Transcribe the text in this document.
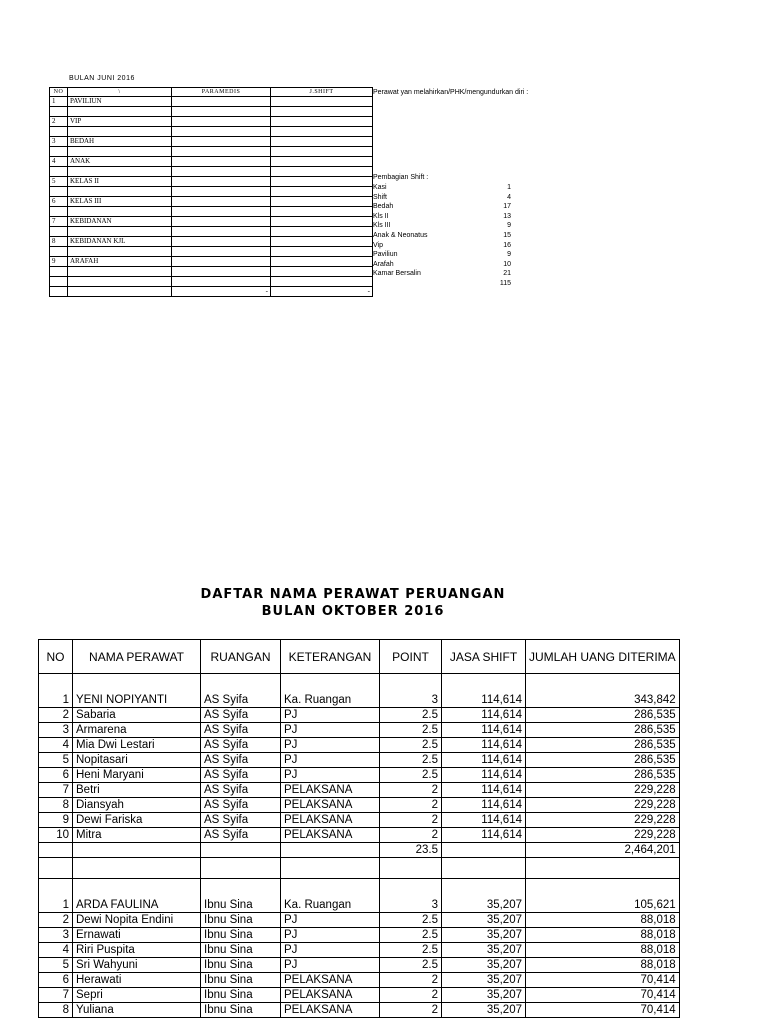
BULAN JUNI 2016
NO	\	PARAMEDIS	J.SHIFT
1	PAVILIUN		

2	VIP		

3	BEDAH		

4	ANAK		

5	KELAS II		

6	KELAS III		

7	KEBIDANAN		

8	KEBIDANAN KJL		

9	ARAFAH		

		-	-
Perawat yan melahirkan/PHK/mengundurkan diri :
Pembagian Shift :
Kasi	1
Shift	4
Bedah	17
Kls II	13
Kls III	9
Anak & Neonatus	15
Vip	16
Paviliun	9
Arafah	10
Kamar Bersalin	21
115
DAFTAR NAMA PERAWAT PERUANGAN
BULAN OKTOBER 2016
NO	NAMA PERAWAT	RUANGAN	KETERANGAN	POINT	JASA SHIFT	JUMLAH UANG DITERIMA
1	YENI NOPIYANTI	AS Syifa	Ka. Ruangan	3	114,614	343,842
2	Sabaria	AS Syifa	PJ	2.5	114,614	286,535
3	Armarena	AS Syifa	PJ	2.5	114,614	286,535
4	Mia Dwi Lestari	AS Syifa	PJ	2.5	114,614	286,535
5	Nopitasari	AS Syifa	PJ	2.5	114,614	286,535
6	Heni Maryani	AS Syifa	PJ	2.5	114,614	286,535
7	Betri	AS Syifa	PELAKSANA	2	114,614	229,228
8	Diansyah	AS Syifa	PELAKSANA	2	114,614	229,228
9	Dewi Fariska	AS Syifa	PELAKSANA	2	114,614	229,228
10	Mitra	AS Syifa	PELAKSANA	2	114,614	229,228
				23.5		2,464,201

1	ARDA FAULINA	Ibnu Sina	Ka. Ruangan	3	35,207	105,621
2	Dewi Nopita Endini	Ibnu Sina	PJ	2.5	35,207	88,018
3	Ernawati	Ibnu Sina	PJ	2.5	35,207	88,018
4	Riri Puspita	Ibnu Sina	PJ	2.5	35,207	88,018
5	Sri Wahyuni	Ibnu Sina	PJ	2.5	35,207	88,018
6	Herawati	Ibnu Sina	PELAKSANA	2	35,207	70,414
7	Sepri	Ibnu Sina	PELAKSANA	2	35,207	70,414
8	Yuliana	Ibnu Sina	PELAKSANA	2	35,207	70,414
